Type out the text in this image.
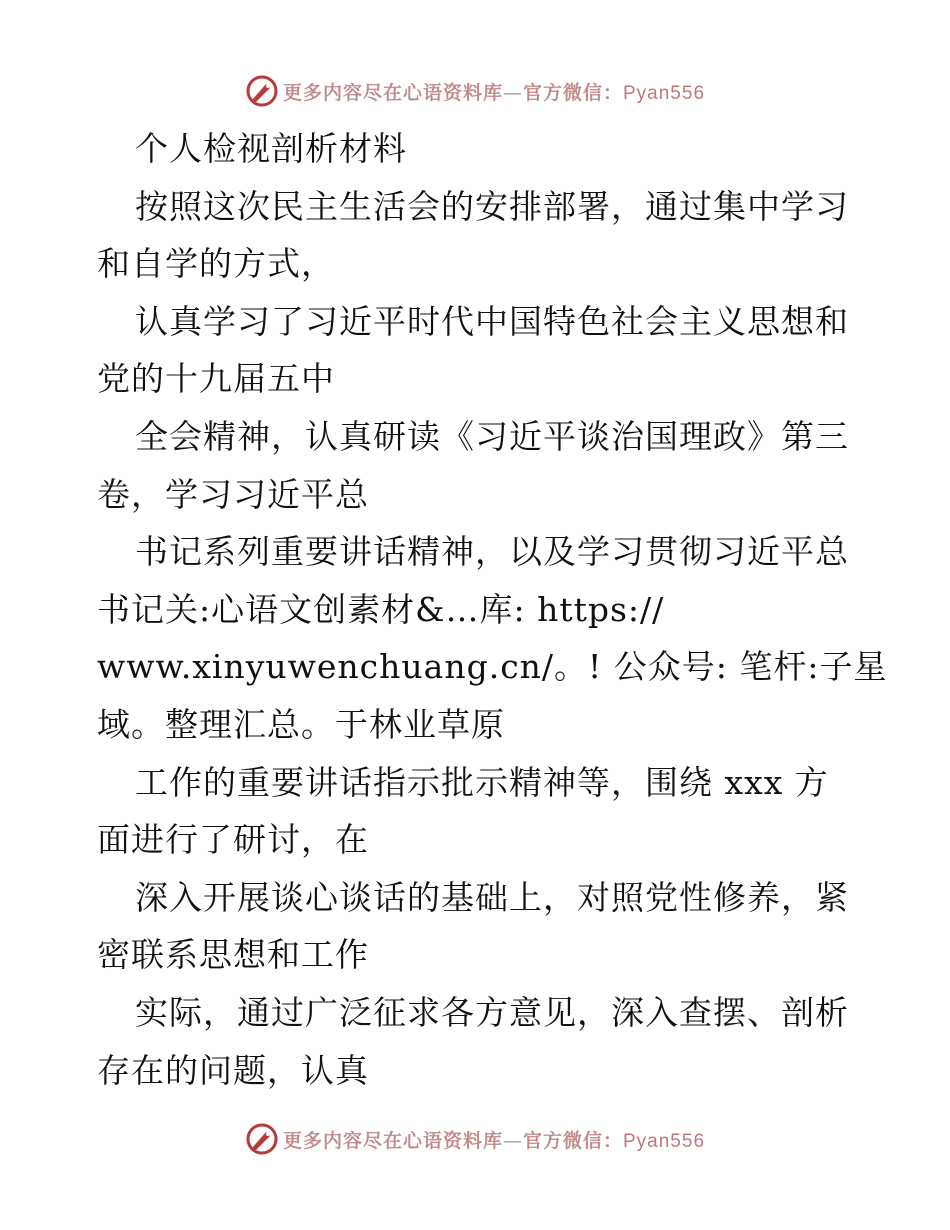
更多内容尽在心语资料库—官方微信：Pyan556
个人检视剖析材料
按照这次民主生活会的安排部署，通过集中学习
和自学的方式，
认真学习了习近平时代中国特色社会主义思想和
党的十九届五中
全会精神，认真研读《习近平谈治国理政》第三
卷，学习习近平总
书记系列重要讲话精神，以及学习贯彻习近平总
书记关:心语文创素材&…库: https://
www.xinyuwenchuang.cn/。! 公众号: 笔杆:子星
域。整理汇总。于林业草原
工作的重要讲话指示批示精神等，围绕 xxx 方
面进行了研讨，在
深入开展谈心谈话的基础上，对照党性修养，紧
密联系思想和工作
实际，通过广泛征求各方意见，深入查摆、剖析
存在的问题，认真
更多内容尽在心语资料库—官方微信：Pyan556
